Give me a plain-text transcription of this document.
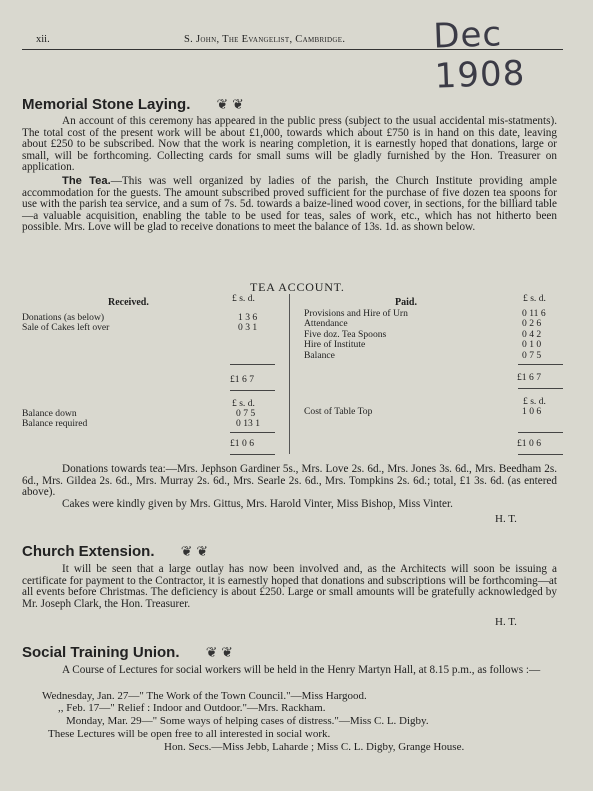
xii.	S. John, The Evangelist, Cambridge.	Dec 1908
Memorial Stone Laying. ❦ ❦

An account of this ceremony has appeared in the public press (subject to the usual accidental mis-statments). The total cost of the present work will be about £1,000, towards which about £750 is in hand on this date, leaving about £250 to be subscribed. Now that the work is nearing completion, it is earnestly hoped that donations, large or small, will be forthcoming. Collecting cards for small sums will be gladly furnished by the Hon. Treasurer on application.

The Tea.—This was well organized by ladies of the parish, the Church Institute providing ample accommodation for the guests. The amount subscribed proved sufficient for the purchase of five dozen tea spoons for use with the parish tea service, and a sum of 7s. 5d. towards a baize-lined wood cover, in sections, for the billiard table—a valuable acquisition, enabling the table to be used for teas, sales of work, etc., which has not hitherto been possible. Mrs. Love will be glad to receive donations to meet the balance of 13s. 1d. as shown below.

TEA ACCOUNT.
Received.	£ s. d.	Paid.	£ s. d.
Donations (as below)	1 3 6
Sale of Cakes left over	0 3 1
Provisions and Hire of Urn	0 11 6
Attendance	0 2 6
Five doz. Tea Spoons	0 4 2
Hire of Institute	0 1 0
Balance	0 7 5
£1 6 7	£1 6 7
£ s. d.	£ s. d.
Balance down	0 7 5
Balance required	0 13 1
Cost of Table Top	1 0 6
£1 0 6	£1 0 6

Donations towards tea:—Mrs. Jephson Gardiner 5s., Mrs. Love 2s. 6d., Mrs. Jones 3s. 6d., Mrs. Beedham 2s. 6d., Mrs. Gildea 2s. 6d., Mrs. Murray 2s. 6d., Mrs. Searle 2s. 6d., Mrs. Tompkins 2s. 6d.; total, £1 3s. 6d. (as entered above).

Cakes were kindly given by Mrs. Gittus, Mrs. Harold Vinter, Miss Bishop, Miss Vinter.

H. T.
Church Extension. ❦ ❦

It will be seen that a large outlay has now been involved and, as the Architects will soon be issuing a certificate for payment to the Contractor, it is earnestly hoped that donations and subscriptions will be forthcoming—at all events before Christmas. The deficiency is about £250. Large or small amounts will be gratefully acknowledged by Mr. Joseph Clark, the Hon. Treasurer.

H. T.
Social Training Union. ❦ ❦

A Course of Lectures for social workers will be held in the Henry Martyn Hall, at 8.15 p.m., as follows :—

Wednesday, Jan. 27—" The Work of the Town Council."—Miss Hargood.
,, Feb. 17—" Relief : Indoor and Outdoor."—Mrs. Rackham.
Monday, Mar. 29—" Some ways of helping cases of distress."—Miss C. L. Digby.
These Lectures will be open free to all interested in social work.
Hon. Secs.—Miss Jebb, Laharde ; Miss C. L. Digby, Grange House.
